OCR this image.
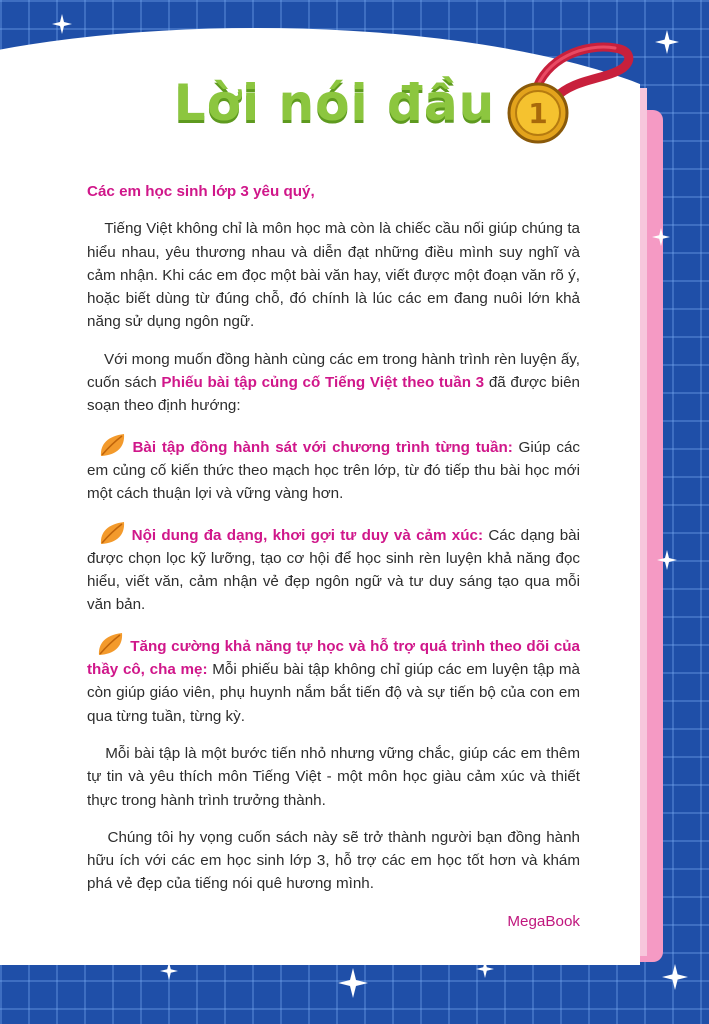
Lời nói đầu	1

Các em học sinh lớp 3 yêu quý,

Tiếng Việt không chỉ là môn học mà còn là chiếc cầu nối giúp chúng ta hiểu nhau, yêu thương nhau và diễn đạt những điều mình suy nghĩ và cảm nhận. Khi các em đọc một bài văn hay, viết được một đoạn văn rõ ý, hoặc biết dùng từ đúng chỗ, đó chính là lúc các em đang nuôi lớn khả năng sử dụng ngôn ngữ.

Với mong muốn đồng hành cùng các em trong hành trình rèn luyện ấy, cuốn sách Phiếu bài tập củng cố Tiếng Việt theo tuần 3 đã được biên soạn theo định hướng:

Bài tập đồng hành sát với chương trình từng tuần: Giúp các em củng cố kiến thức theo mạch học trên lớp, từ đó tiếp thu bài học mới một cách thuận lợi và vững vàng hơn.

Nội dung đa dạng, khơi gợi tư duy và cảm xúc: Các dạng bài được chọn lọc kỹ lưỡng, tạo cơ hội để học sinh rèn luyện khả năng đọc hiểu, viết văn, cảm nhận vẻ đẹp ngôn ngữ và tư duy sáng tạo qua mỗi văn bản.

Tăng cường khả năng tự học và hỗ trợ quá trình theo dõi của thầy cô, cha mẹ: Mỗi phiếu bài tập không chỉ giúp các em luyện tập mà còn giúp giáo viên, phụ huynh nắm bắt tiến độ và sự tiến bộ của con em qua từng tuần, từng kỳ.

Mỗi bài tập là một bước tiến nhỏ nhưng vững chắc, giúp các em thêm tự tin và yêu thích môn Tiếng Việt - một môn học giàu cảm xúc và thiết thực trong hành trình trưởng thành.

Chúng tôi hy vọng cuốn sách này sẽ trở thành người bạn đồng hành hữu ích với các em học sinh lớp 3, hỗ trợ các em học tốt hơn và khám phá vẻ đẹp của tiếng nói quê hương mình.

MegaBook
